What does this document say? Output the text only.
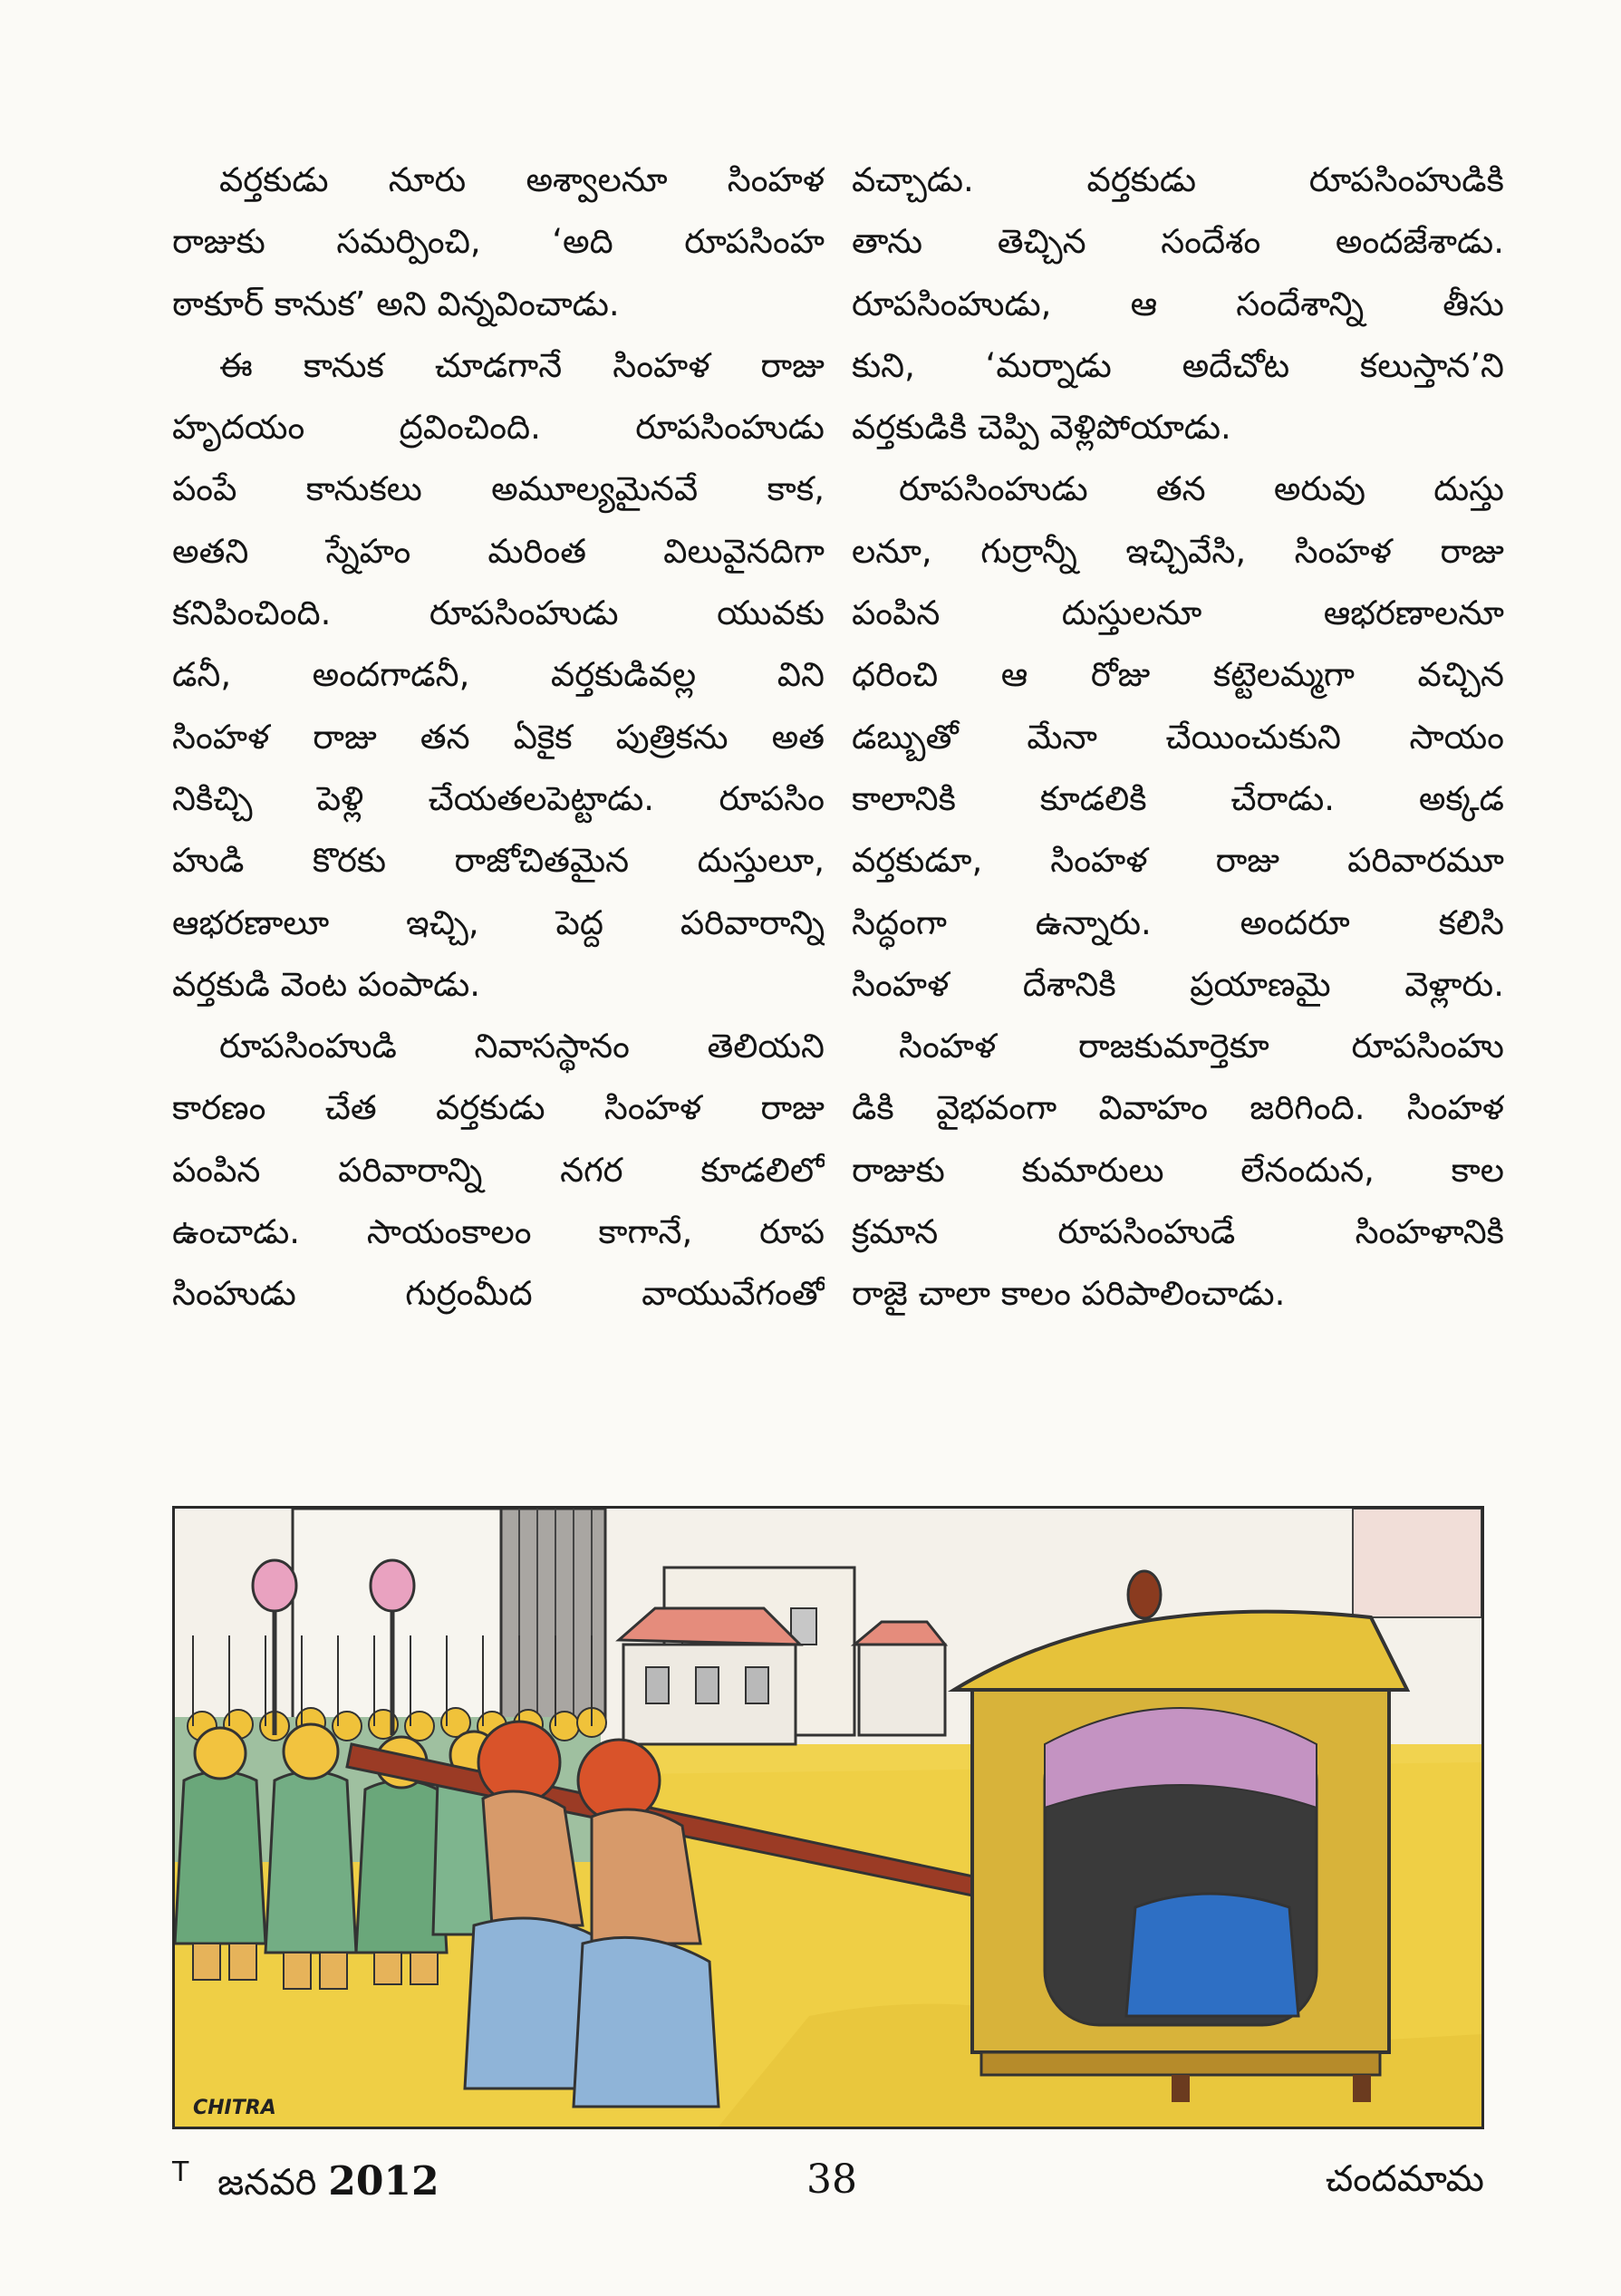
వర్తకుడు నూరు అశ్వాలనూ సింహళ
రాజుకు సమర్పించి, ‘అది రూపసింహ
ఠాకూర్ కానుక’ అని విన్నవించాడు.
ఈ కానుక చూడగానే సింహళ రాజు
హృదయం ద్రవించింది. రూపసింహుడు
పంపే కానుకలు అమూల్యమైనవే కాక,
అతని స్నేహం మరింత విలువైనదిగా
కనిపించింది. రూపసింహుడు యువకు
డనీ, అందగాడనీ, వర్తకుడివల్ల విని
సింహళ రాజు తన ఏకైక పుత్రికను అత
నికిచ్చి పెళ్లి చేయతలపెట్టాడు. రూపసిం
హుడి కొరకు రాజోచితమైన దుస్తులూ,
ఆభరణాలూ ఇచ్చి, పెద్ద పరివారాన్ని
వర్తకుడి వెంట పంపాడు.
రూపసింహుడి నివాసస్థానం తెలియని
కారణం చేత వర్తకుడు సింహళ రాజు
పంపిన పరివారాన్ని నగర కూడలిలో
ఉంచాడు. సాయంకాలం కాగానే, రూప
సింహుడు గుర్రంమీద వాయువేగంతో
వచ్చాడు. వర్తకుడు రూపసింహుడికి
తాను తెచ్చిన సందేశం అందజేశాడు.
రూపసింహుడు, ఆ సందేశాన్ని తీసు
కుని, ‘మర్నాడు అదేచోట కలుస్తాన’ని
వర్తకుడికి చెప్పి వెళ్లిపోయాడు.
రూపసింహుడు తన అరువు దుస్తు
లనూ, గుర్రాన్నీ ఇచ్చివేసి, సింహళ రాజు
పంపిన దుస్తులనూ ఆభరణాలనూ
ధరించి ఆ రోజు కట్టెలమ్మగా వచ్చిన
డబ్బుతో మేనా చేయించుకుని సాయం
కాలానికి కూడలికి చేరాడు. అక్కడ
వర్తకుడూ, సింహళ రాజు పరివారమూ
సిద్ధంగా ఉన్నారు. అందరూ కలిసి
సింహళ దేశానికి ప్రయాణమై వెళ్లారు.
సింహళ రాజకుమార్తెకూ రూపసింహు
డికి వైభవంగా వివాహం జరిగింది. సింహళ
రాజుకు కుమారులు లేనందున, కాల
క్రమాన రూపసింహుడే సింహళానికి
రాజై చాలా కాలం పరిపాలించాడు.
CHITRA
T జనవరి 2012	38	చందమామ
